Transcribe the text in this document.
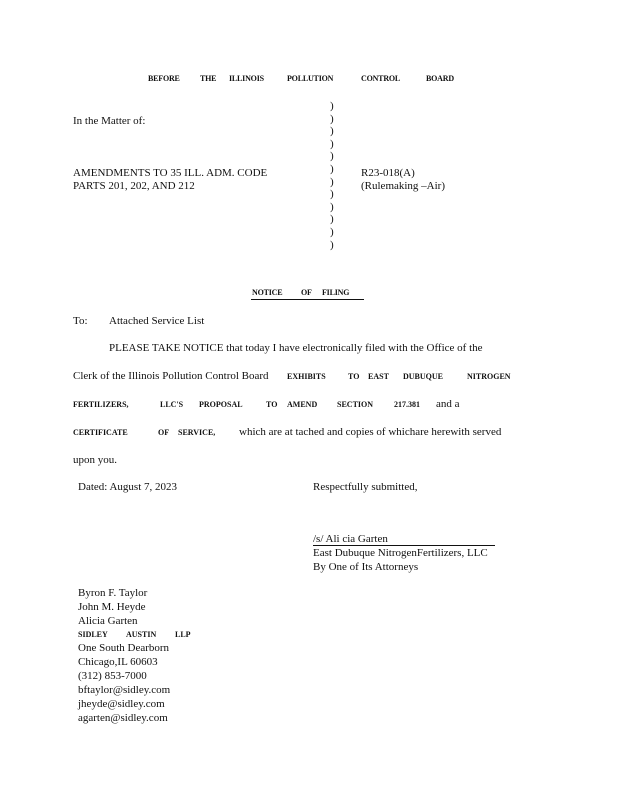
BEFORE	THE ILLINOIS	POLLUTION	CONTROL	BOARD
In the Matter of:
AMENDMENTS TO 35 ILL. ADM. CODE
PARTS 201, 202, AND 212
R23-018(A)
(Rulemaking –Air)
)
)
)
)
)
)
)
)
)
)
)
)
NOTICE OF FILING
To: Attached Service List
PLEASE TAKE NOTICE that today I have electronically filed with the Office of the
Clerk of the Illinois Pollution Control Board EXHIBITS	TO EAST DUBUQUE	NITROGEN
FERTILIZERS,	LLC'S PROPOSAL	TO AMEND SECTION	217.381 and a
CERTIFICATE	OF SERVICE, which are at tached and copies of whichare herewith served
upon you.
Dated: August 7, 2023	Respectfully submitted,
/s/ Ali cia Garten
East Dubuque NitrogenFertilizers, LLC
By One of Its Attorneys
Byron F. Taylor
John M. Heyde
Alicia Garten
SIDLEY AUSTIN LLP
One South Dearborn
Chicago,IL 60603
(312) 853-7000
bftaylor@sidley.com
jheyde@sidley.com
agarten@sidley.com
